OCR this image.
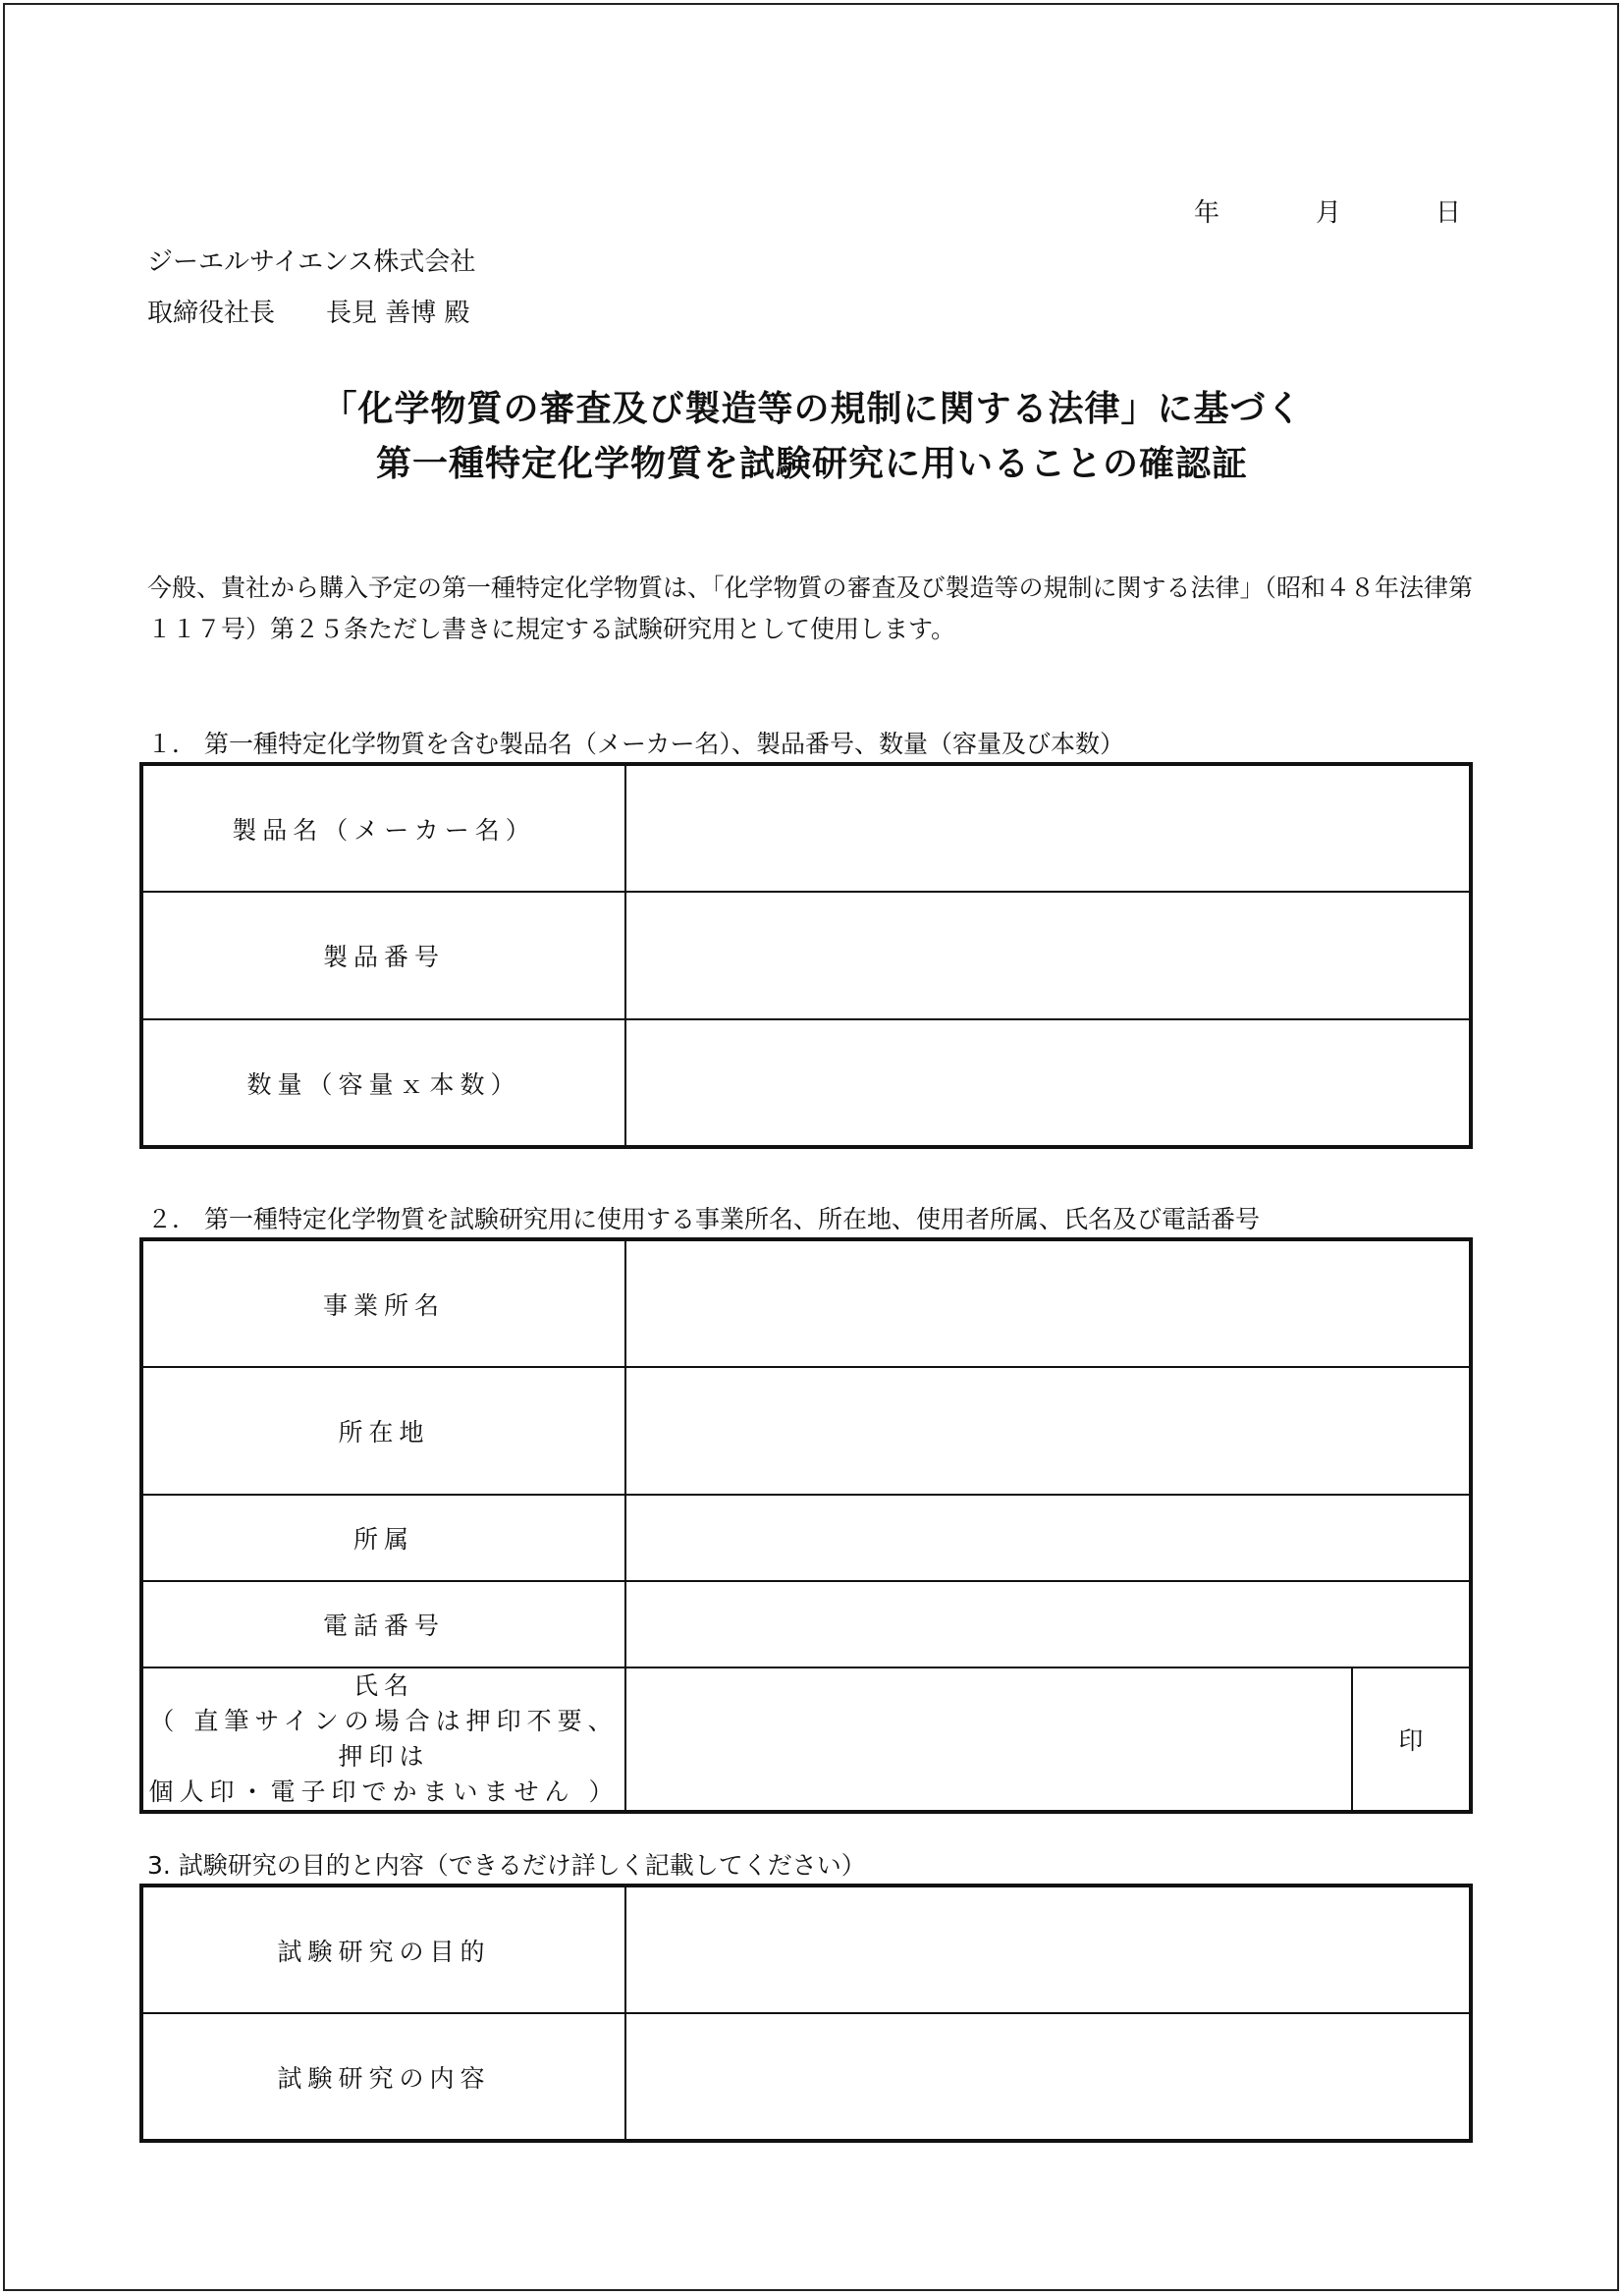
年	月	日
ジーエルサイエンス株式会社
取締役社長　　長見 善博 殿
「化学物質の審査及び製造等の規制に関する法律」に基づく
第一種特定化学物質を試験研究に用いることの確認証
今般、貴社から購入予定の第一種特定化学物質は、「化学物質の審査及び製造等の規制に関する法律」（昭和４８年法律第１１７号）第２５条ただし書きに規定する試験研究用として使用します。
１． 第一種特定化学物質を含む製品名（メーカー名）、製品番号、数量（容量及び本数）
製品名（メーカー名）	
製品番号	
数量（容量ｘ本数）	
２． 第一種特定化学物質を試験研究用に使用する事業所名、所在地、使用者所属、氏名及び電話番号
事業所名		
所在地		
所属		
電話番号		

氏名
（ 直筆サインの場合は押印不要、押印は
個人印・電子印でかまいません ）		印
3. 試験研究の目的と内容（できるだけ詳しく記載してください）
試験研究の目的	
試験研究の内容	
